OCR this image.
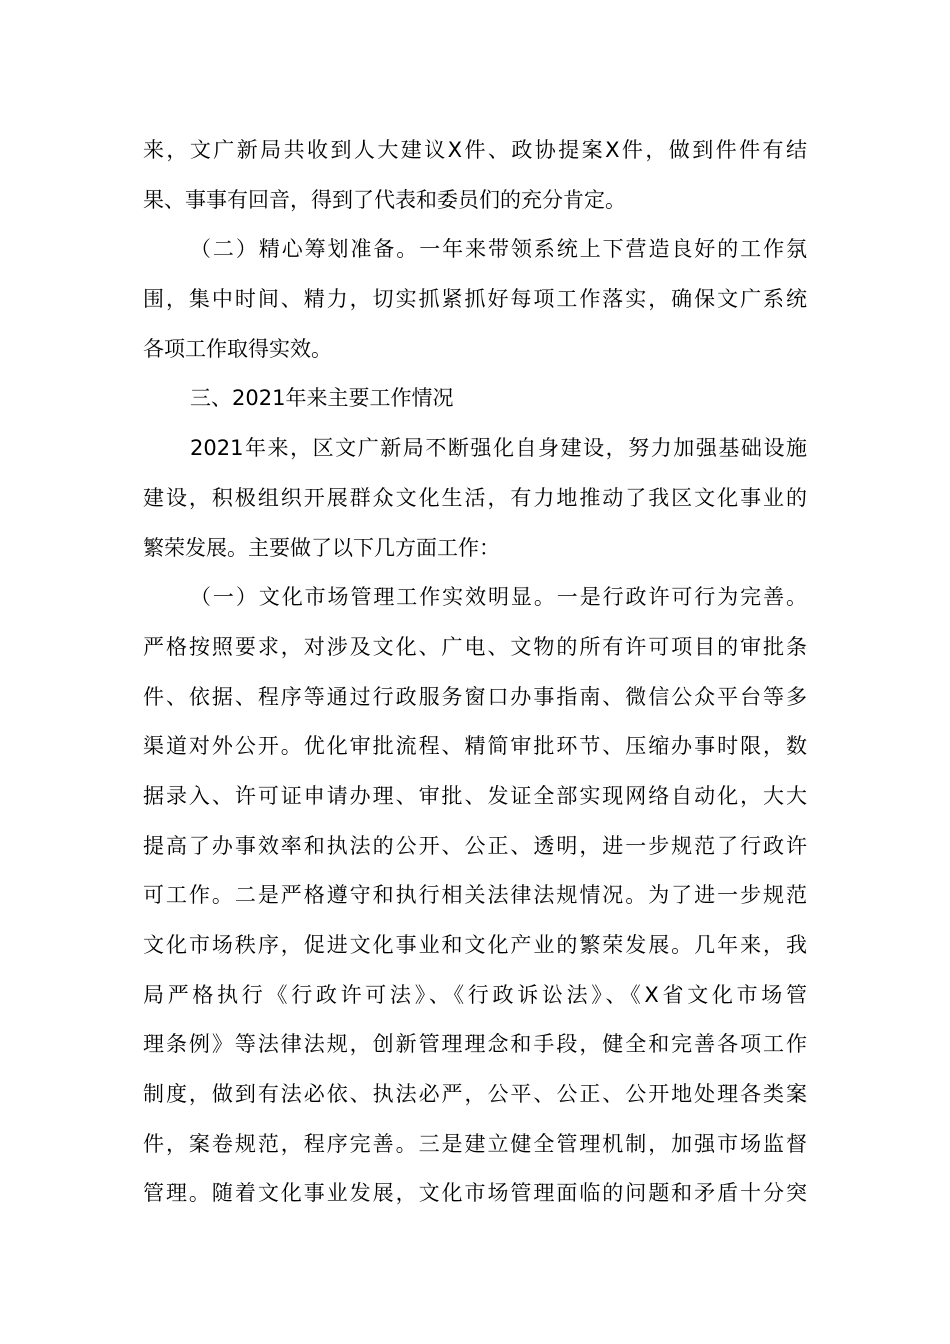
来，文广新局共收到人大建议X件、政协提案X件，做到件件有结
果、事事有回音，得到了代表和委员们的充分肯定。
（二）精心筹划准备。一年来带领系统上下营造良好的工作氛
围，集中时间、精力，切实抓紧抓好每项工作落实，确保文广系统
各项工作取得实效。
三、2021年来主要工作情况
2021年来，区文广新局不断强化自身建设，努力加强基础设施
建设，积极组织开展群众文化生活，有力地推动了我区文化事业的
繁荣发展。主要做了以下几方面工作：
（一）文化市场管理工作实效明显。一是行政许可行为完善。
严格按照要求，对涉及文化、广电、文物的所有许可项目的审批条
件、依据、程序等通过行政服务窗口办事指南、微信公众平台等多
渠道对外公开。优化审批流程、精简审批环节、压缩办事时限，数
据录入、许可证申请办理、审批、发证全部实现网络自动化，大大
提高了办事效率和执法的公开、公正、透明，进一步规范了行政许
可工作。二是严格遵守和执行相关法律法规情况。为了进一步规范
文化市场秩序，促进文化事业和文化产业的繁荣发展。几年来，我
局严格执行《行政许可法》、《行政诉讼法》、《X省文化市场管
理条例》等法律法规，创新管理理念和手段，健全和完善各项工作
制度，做到有法必依、执法必严，公平、公正、公开地处理各类案
件，案卷规范，程序完善。三是建立健全管理机制，加强市场监督
管理。随着文化事业发展，文化市场管理面临的问题和矛盾十分突
